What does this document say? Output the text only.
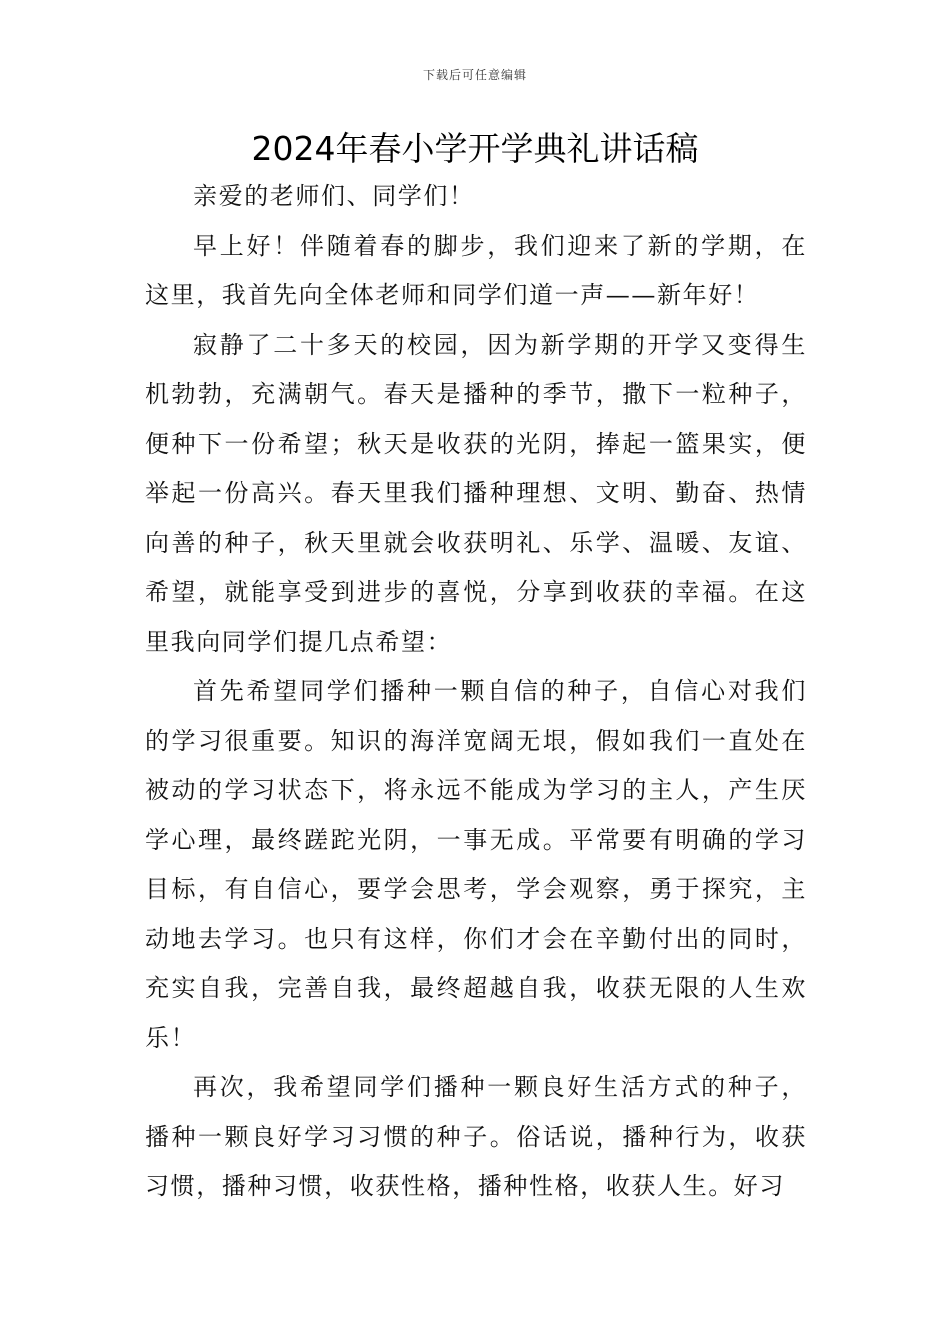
下载后可任意编辑
2024年春小学开学典礼讲话稿

亲爱的老师们、同学们！

早上好！伴随着春的脚步，我们迎来了新的学期，在这里，我首先向全体老师和同学们道一声——新年好！

寂静了二十多天的校园，因为新学期的开学又变得生机勃勃，充满朝气。春天是播种的季节，撒下一粒种子，便种下一份希望；秋天是收获的光阴，捧起一篮果实，便举起一份高兴。春天里我们播种理想、文明、勤奋、热情向善的种子，秋天里就会收获明礼、乐学、温暖、友谊、希望，就能享受到进步的喜悦，分享到收获的幸福。在这里我向同学们提几点希望：

首先希望同学们播种一颗自信的种子，自信心对我们的学习很重要。知识的海洋宽阔无垠，假如我们一直处在被动的学习状态下，将永远不能成为学习的主人，产生厌学心理，最终蹉跎光阴，一事无成。平常要有明确的学习目标，有自信心，要学会思考，学会观察，勇于探究，主动地去学习。也只有这样，你们才会在辛勤付出的同时，充实自我，完善自我，最终超越自我，收获无限的人生欢乐！

再次，我希望同学们播种一颗良好生活方式的种子，播种一颗良好学习习惯的种子。俗话说，播种行为，收获习惯，播种习惯，收获性格，播种性格，收获人生。好习
